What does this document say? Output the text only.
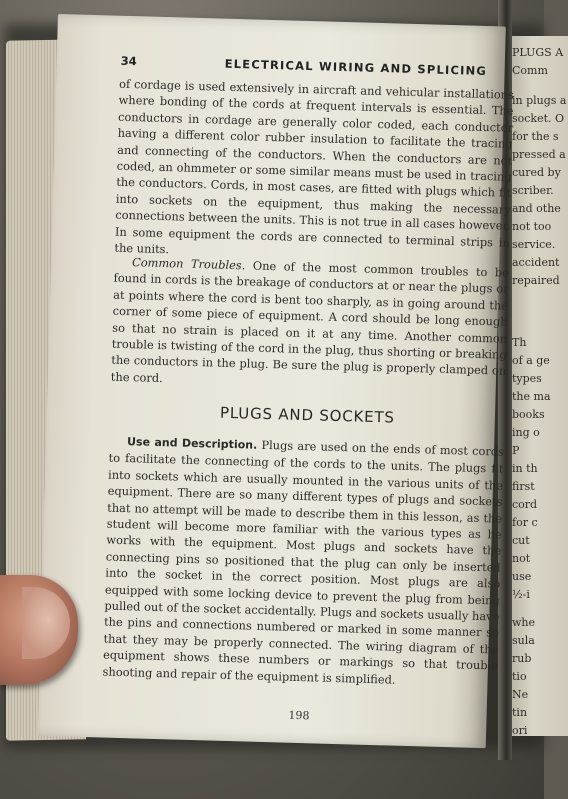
PLUGS A
Comm
in plugs a
socket. O
for the s
pressed a
cured by
scriber.
and othe
not too
service.
accident
repaired
Th
of a ge
types
the ma
books
ing o
P
in th
first
cord
for c
cut
not
use
½-i
whe
sula
rub
tio
Ne
tin
ori
34	ELECTRICAL WIRING AND SPLICING
of cordage is used extensively in aircraft and vehicular installations where bonding of the cords at frequent intervals is essential. The conductors in cordage are generally color coded, each conductor having a different color rubber insulation to facilitate the tracing and connecting of the conductors. When the conductors are not coded, an ohmmeter or some similar means must be used in tracing the conductors. Cords, in most cases, are fitted with plugs which fit into sockets on the equipment, thus making the necessary connections between the units. This is not true in all cases however. In some equipment the cords are connected to terminal strips in the units.
Common Troubles. One of the most common troubles to be found in cords is the breakage of conductors at or near the plugs or at points where the cord is bent too sharply, as in going around the corner of some piece of equipment. A cord should be long enough so that no strain is placed on it at any time. Another common trouble is twisting of the cord in the plug, thus shorting or breaking the conductors in the plug. Be sure the plug is properly clamped on the cord.
PLUGS AND SOCKETS
Use and Description. Plugs are used on the ends of most cords to facilitate the connecting of the cords to the units. The plugs fit into sockets which are usually mounted in the various units of the equipment. There are so many different types of plugs and sockets that no attempt will be made to describe them in this lesson, as the student will become more familiar with the various types as he works with the equipment. Most plugs and sockets have the connecting pins so positioned that the plug can only be inserted into the socket in the correct position. Most plugs are also equipped with some locking device to prevent the plug from being pulled out of the socket accidentally. Plugs and sockets usually have the pins and connections numbered or marked in some manner so that they may be properly connected. The wiring diagram of the equipment shows these numbers or markings so that trouble shooting and repair of the equipment is simplified.
198
